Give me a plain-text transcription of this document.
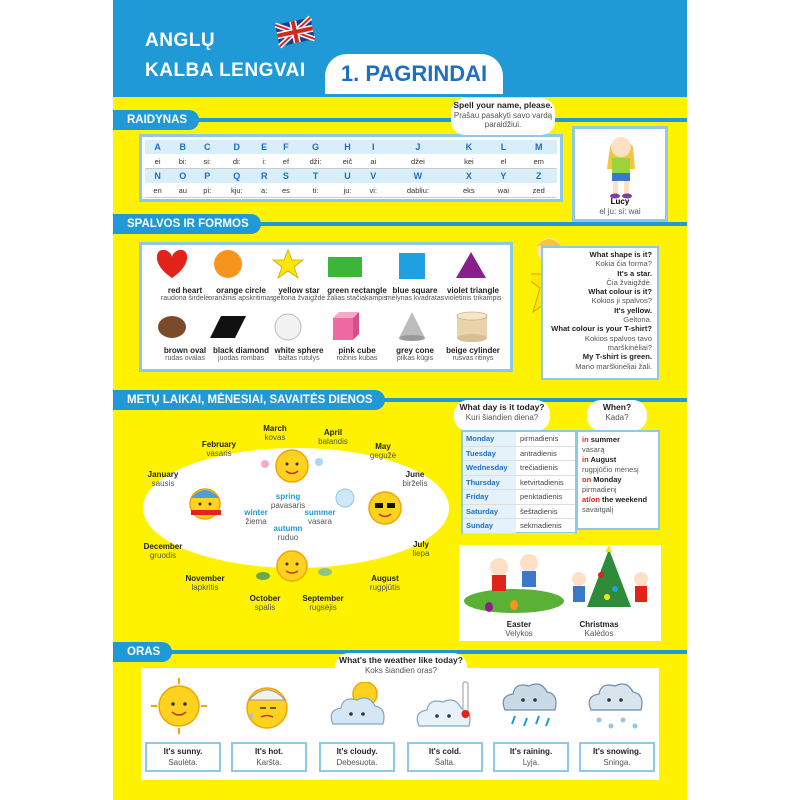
ANGLŲ
KALBA LENGVAI	1. PAGRINDAI
RAIDYNAS
A	B	C	D	E	F	G	H	I	J	K	L	M
ei	bi:	si:	di:	i:	ef	dži:	eič	ai	džei	kei	el	em
N	O	P	Q	R	S	T	U	V	W	X	Y	Z
en	au	pi:	kju:	a:	es	ti:	ju:	vi:	dabliu:	eks	wai	zed
Spell your name, please.
Prašau pasakyti savo vardą paraidžiui.
Lucy
el ju: si: wai
SPALVOS IR FORMOS
red heart
raudona širdelė
orange circle
oranžinis apskritimas
yellow star
geltona žvaigždė
green rectangle
žalias stačiakampis
blue square
mėlynas kvadratas
violet triangle
violetinis trikampis
brown oval
rudas ovalas
black diamond
juodas rombas
white sphere
baltas rutulys
pink cube
rožinis kubas
grey cone
pilkas kūgis
beige cylinder
rusvas ritinys
What shape is it?
Kokia čia forma?
It's a star.
Čia žvaigždė.
What colour is it?
Kokios ji spalvos?
It's yellow.
Geltona.
What colour is your T-shirt?
Kokios spalvos tavo marškinėliai?
My T-shirt is green.
Mano marškinėliai žali.
METŲ LAIKAI, MĖNESIAI, SAVAITĖS DIENOS
January
sausis
February
vasaris
March
kovas
April
balandis
May
gegužė
June
birželis
July
liepa
August
rugpjūtis
September
rugsėjis
October
spalis
November
lapkritis
December
gruodis
spring
pavasaris
winter
žiema
summer
vasara
autumn
ruduo
What day is it today?
Kuri šiandien diena?
Monday	pirmadienis
Tuesday	antradienis
Wednesday	trečiadienis
Thursday	ketvirtadienis
Friday	penktadienis
Saturday	šeštadienis
Sunday	sekmadienis
When?
Kada?
in summer
vasarą
in August
rugpjūčio mėnesį
on Monday
pirmadienį
at/on the weekend
savaitgalį
Easter
Velykos
Christmas
Kalėdos
ORAS
It's sunny.
Saulėta.
It's hot.
Karšta.
It's cloudy.
Debesuota.
It's cold.
Šalta.
It's raining.
Lyja.
It's snowing.
Sninga.
What's the weather like today?
Koks šiandien oras?
